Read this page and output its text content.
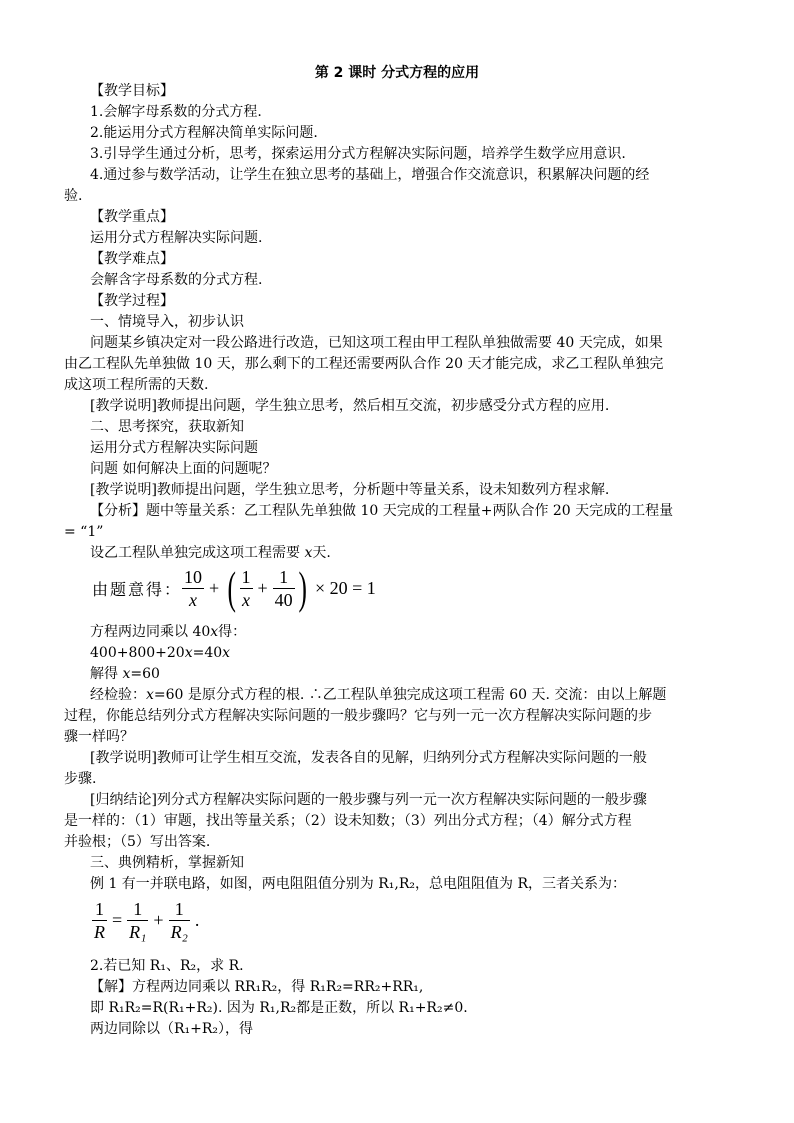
第 2 课时 分式方程的应用
【教学目标】
1.会解字母系数的分式方程.
2.能运用分式方程解决简单实际问题.
3.引导学生通过分析，思考，探索运用分式方程解决实际问题，培养学生数学应用意识.
4.通过参与数学活动，让学生在独立思考的基础上，增强合作交流意识，积累解决问题的经
验.
【教学重点】
运用分式方程解决实际问题.
【教学难点】
会解含字母系数的分式方程.
【教学过程】
一、情境导入，初步认识
问题某乡镇决定对一段公路进行改造，已知这项工程由甲工程队单独做需要 40 天完成，如果
由乙工程队先单独做 10 天，那么剩下的工程还需要两队合作 20 天才能完成，求乙工程队单独完
成这项工程所需的天数.
[教学说明]教师提出问题，学生独立思考，然后相互交流，初步感受分式方程的应用.
二、思考探究，获取新知
运用分式方程解决实际问题
问题 如何解决上面的问题呢？
[教学说明]教师提出问题，学生独立思考，分析题中等量关系，设未知数列方程求解.
【分析】题中等量关系：乙工程队先单独做 10 天完成的工程量+两队合作 20 天完成的工程量
= “1”
设乙工程队单独完成这项工程需要 x天.
由题意得： $\frac{10}{x}$ + ( $\frac{1}{x} + \frac{1}{40}$ ) × 20 = 1
方程两边同乘以 40x得：
400+800+20x=40x
解得 x=60
经检验：x=60 是原分式方程的根. ∴乙工程队单独完成这项工程需 60 天. 交流：由以上解题
过程，你能总结列分式方程解决实际问题的一般步骤吗？它与列一元一次方程解决实际问题的步
骤一样吗？
[教学说明]教师可让学生相互交流，发表各自的见解，归纳列分式方程解决实际问题的一般
步骤.
[归纳结论]列分式方程解决实际问题的一般步骤与列一元一次方程解决实际问题的一般步骤
是一样的：（1）审题，找出等量关系；（2）设未知数；（3）列出分式方程；（4）解分式方程
并验根；（5）写出答案.
三、典例精析，掌握新知
例 1 有一并联电路，如图，两电阻阻值分别为 R₁,R₂，总电阻阻值为 R，三者关系为：
$\frac{1}{R} = \frac{1}{\text{R₁}} + \frac{1}{\text{R₂}}$ .
2.若已知 R₁、R₂，求 R.
【解】方程两边同乘以 RR₁R₂，得 R₁R₂=RR₂+RR₁,
即 R₁R₂=R(R₁+R₂). 因为 R₁,R₂都是正数，所以 R₁+R₂≠0.
两边同除以（R₁+R₂），得
